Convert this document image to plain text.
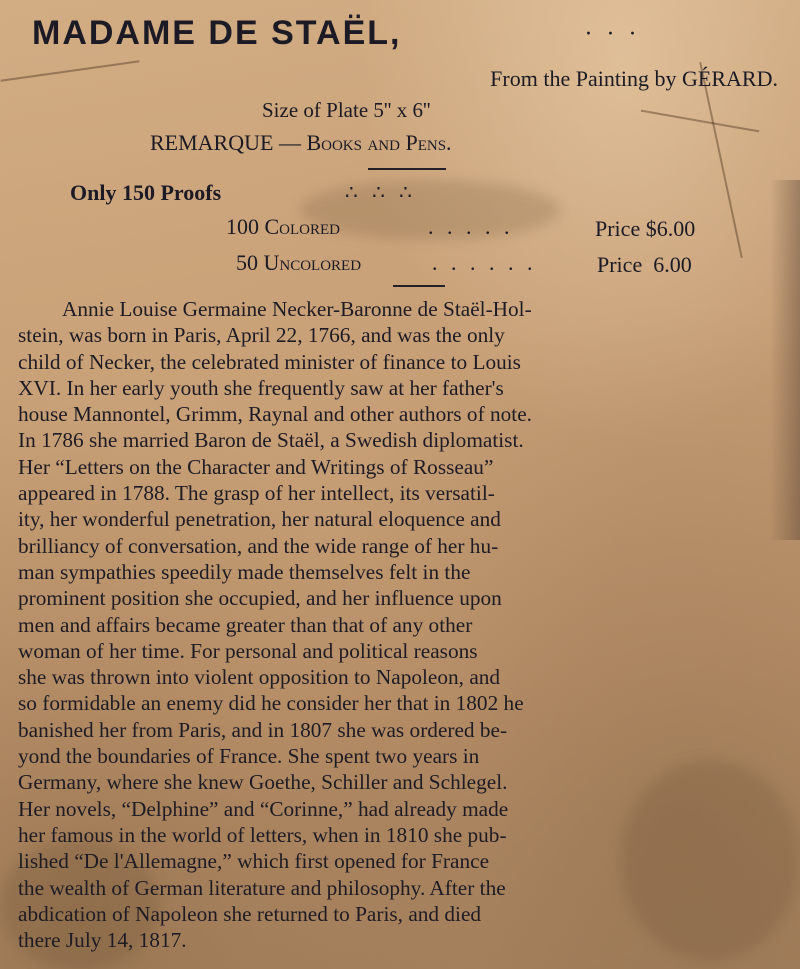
MADAME DE STAËL,	· · ·
From the Painting by GÉRARD.
Size of Plate 5'' x 6''
REMARQUE — Books and Pens.
Only 150 Proofs	∴ ∴ ∴
100 Colored	. . . . .	Price $6.00
50 Uncolored	. . . . . .	Price  6.00
Annie Louise Germaine Necker-Baronne de Staël-Hol-
stein, was born in Paris, April 22, 1766, and was the only
child of Necker, the celebrated minister of finance to Louis
XVI. In her early youth she frequently saw at her father's
house Mannontel, Grimm, Raynal and other authors of note.
In 1786 she married Baron de Staël, a Swedish diplomatist.
Her “Letters on the Character and Writings of Rosseau”
appeared in 1788. The grasp of her intellect, its versatil-
ity, her wonderful penetration, her natural eloquence and
brilliancy of conversation, and the wide range of her hu-
man sympathies speedily made themselves felt in the
prominent position she occupied, and her influence upon
men and affairs became greater than that of any other
woman of her time. For personal and political reasons
she was thrown into violent opposition to Napoleon, and
so formidable an enemy did he consider her that in 1802 he
banished her from Paris, and in 1807 she was ordered be-
yond the boundaries of France. She spent two years in
Germany, where she knew Goethe, Schiller and Schlegel.
Her novels, “Delphine” and “Corinne,” had already made
her famous in the world of letters, when in 1810 she pub-
lished “De l'Allemagne,” which first opened for France
the wealth of German literature and philosophy. After the
abdication of Napoleon she returned to Paris, and died
there July 14, 1817.
